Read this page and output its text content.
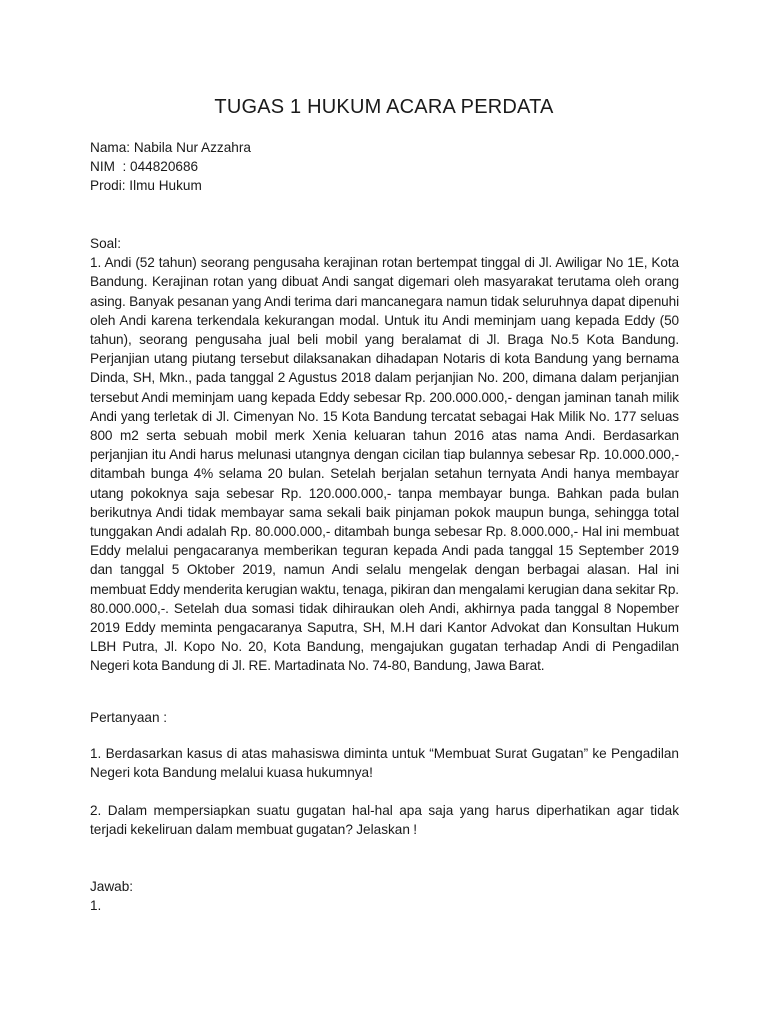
TUGAS 1 HUKUM ACARA PERDATA
Nama: Nabila Nur Azzahra
NIM  : 044820686
Prodi: Ilmu Hukum
Soal:
1. Andi (52 tahun) seorang pengusaha kerajinan rotan bertempat tinggal di Jl. Awiligar No 1E, Kota Bandung. Kerajinan rotan yang dibuat Andi sangat digemari oleh masyarakat terutama oleh orang asing. Banyak pesanan yang Andi terima dari mancanegara namun tidak seluruhnya dapat dipenuhi oleh Andi karena terkendala kekurangan modal. Untuk itu Andi meminjam uang kepada Eddy (50 tahun), seorang pengusaha jual beli mobil yang beralamat di Jl. Braga No.5 Kota Bandung. Perjanjian utang piutang tersebut dilaksanakan dihadapan Notaris di kota Bandung yang bernama Dinda, SH, Mkn., pada tanggal 2 Agustus 2018 dalam perjanjian No. 200, dimana dalam perjanjian tersebut Andi meminjam uang kepada Eddy sebesar Rp. 200.000.000,- dengan jaminan tanah milik Andi yang terletak di Jl. Cimenyan No. 15 Kota Bandung tercatat sebagai Hak Milik No. 177 seluas 800 m2 serta sebuah mobil merk Xenia keluaran tahun 2016 atas nama Andi. Berdasarkan perjanjian itu Andi harus melunasi utangnya dengan cicilan tiap bulannya sebesar Rp. 10.000.000,- ditambah bunga 4% selama 20 bulan. Setelah berjalan setahun ternyata Andi hanya membayar utang pokoknya saja sebesar Rp. 120.000.000,- tanpa membayar bunga. Bahkan pada bulan berikutnya Andi tidak membayar sama sekali baik pinjaman pokok maupun bunga, sehingga total tunggakan Andi adalah Rp. 80.000.000,- ditambah bunga sebesar Rp. 8.000.000,- Hal ini membuat Eddy melalui pengacaranya memberikan teguran kepada Andi pada tanggal 15 September 2019 dan tanggal 5 Oktober 2019, namun Andi selalu mengelak dengan berbagai alasan. Hal ini membuat Eddy menderita kerugian waktu, tenaga, pikiran dan mengalami kerugian dana sekitar Rp. 80.000.000,-. Setelah dua somasi tidak dihiraukan oleh Andi, akhirnya pada tanggal 8 Nopember 2019 Eddy meminta pengacaranya Saputra, SH, M.H dari Kantor Advokat dan Konsultan Hukum LBH Putra, Jl. Kopo No. 20, Kota Bandung, mengajukan gugatan terhadap Andi di Pengadilan Negeri kota Bandung di Jl. RE. Martadinata No. 74-80, Bandung, Jawa Barat.
Pertanyaan :
1. Berdasarkan kasus di atas mahasiswa diminta untuk “Membuat Surat Gugatan” ke Pengadilan Negeri kota Bandung melalui kuasa hukumnya!
2. Dalam mempersiapkan suatu gugatan hal-hal apa saja yang harus diperhatikan agar tidak terjadi kekeliruan dalam membuat gugatan? Jelaskan !
Jawab:
1.
